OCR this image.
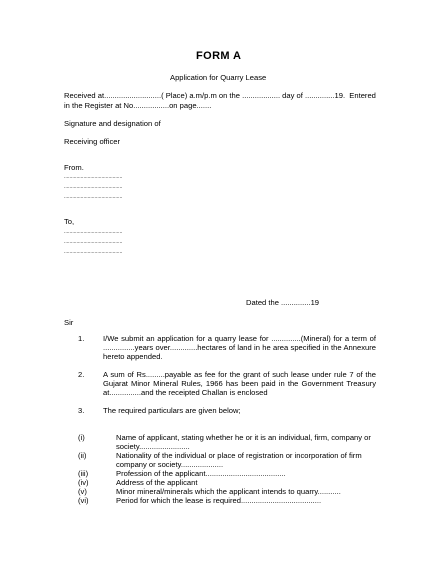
FORM A
Application for Quarry Lease
Received at...........................( Place) a.m/p.m on the .................. day of ..............19.  Entered
in the Register at No.................on page.......
Signature and designation of
Receiving officer
From.
..........................................
..........................................
..........................................
To,
..........................................
..........................................
..........................................
Dated the ..............19
Sir
1. I/We submit an application for a quarry lease for ..............(Mineral) for a term of ...............years over.............hectares of land in he area specified in the Annexure hereto appended.
2. A sum of Rs.........payable as fee for the grant of such lease under rule 7 of the Gujarat Minor Mineral Rules, 1966 has been paid in the Government Treasury at...............and the receipted Challan is enclosed
3. The required particulars are given below;
(i)	Name of applicant, stating whether he or it is an individual, firm, company or society........................
(ii)	Nationality of the individual or place of registration or incorporation of firm company or society....................
(iii)	Profession of the applicant......................................
(iv)	Address of the applicant
(v)	Minor mineral/minerals which the applicant intends to quarry...........
(vi)	Period for which the lease is required......................................
